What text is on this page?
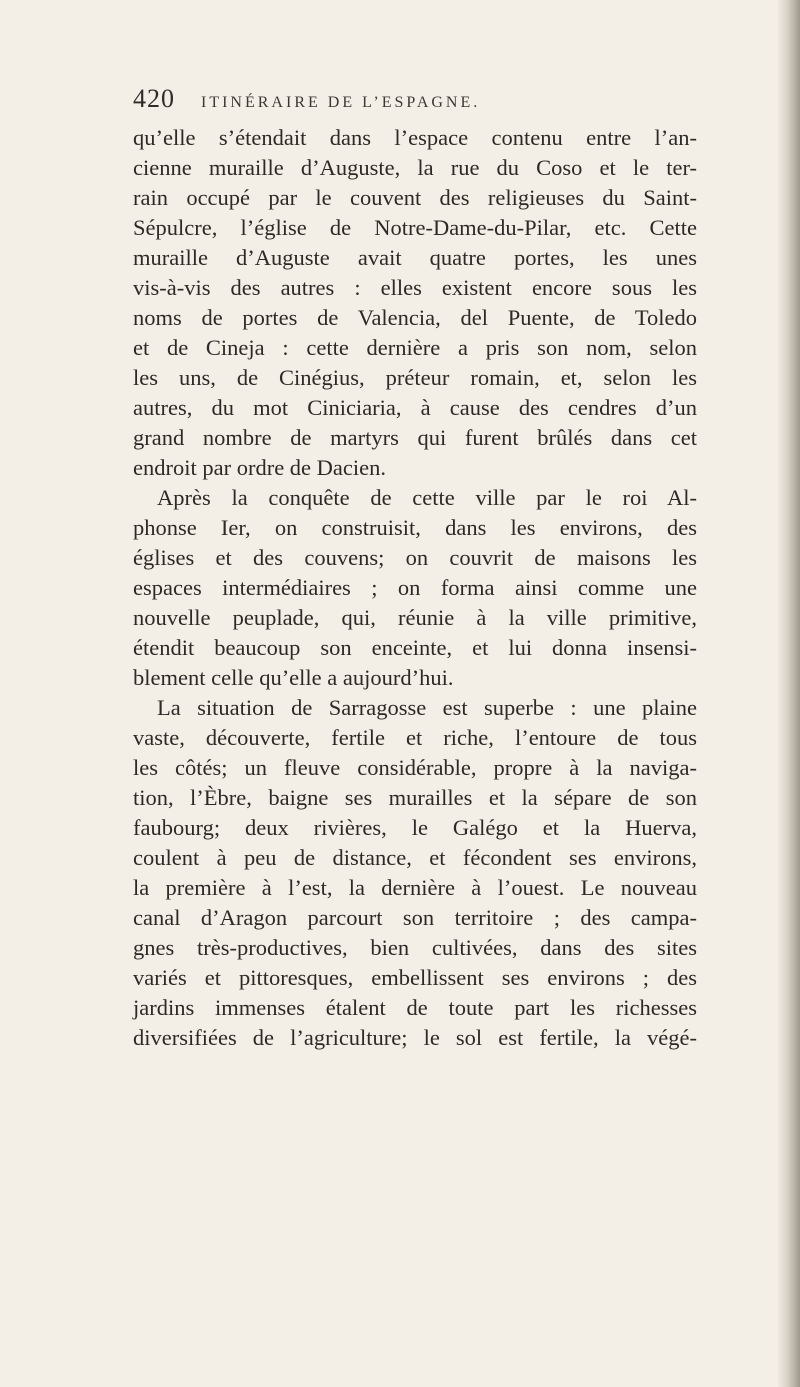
420 ITINÉRAIRE DE L’ESPAGNE.

qu’elle s’étendait dans l’espace contenu entre l’an-
cienne muraille d’Auguste, la rue du Coso et le ter-
rain occupé par le couvent des religieuses du Saint-
Sépulcre, l’église de Notre-Dame-du-Pilar, etc. Cette
muraille d’Auguste avait quatre portes, les unes
vis-à-vis des autres : elles existent encore sous les
noms de portes de Valencia, del Puente, de Toledo
et de Cineja : cette dernière a pris son nom, selon
les uns, de Cinégius, préteur romain, et, selon les
autres, du mot Ciniciaria, à cause des cendres d’un
grand nombre de martyrs qui furent brûlés dans cet
endroit par ordre de Dacien.

Après la conquête de cette ville par le roi Al-
phonse Ier, on construisit, dans les environs, des
églises et des couvens; on couvrit de maisons les
espaces intermédiaires ; on forma ainsi comme une
nouvelle peuplade, qui, réunie à la ville primitive,
étendit beaucoup son enceinte, et lui donna insensi-
blement celle qu’elle a aujourd’hui.

La situation de Sarragosse est superbe : une plaine
vaste, découverte, fertile et riche, l’entoure de tous
les côtés; un fleuve considérable, propre à la naviga-
tion, l’Èbre, baigne ses murailles et la sépare de son
faubourg; deux rivières, le Galégo et la Huerva,
coulent à peu de distance, et fécondent ses environs,
la première à l’est, la dernière à l’ouest. Le nouveau
canal d’Aragon parcourt son territoire ; des campa-
gnes très-productives, bien cultivées, dans des sites
variés et pittoresques, embellissent ses environs ; des
jardins immenses étalent de toute part les richesses
diversifiées de l’agriculture; le sol est fertile, la végé-
